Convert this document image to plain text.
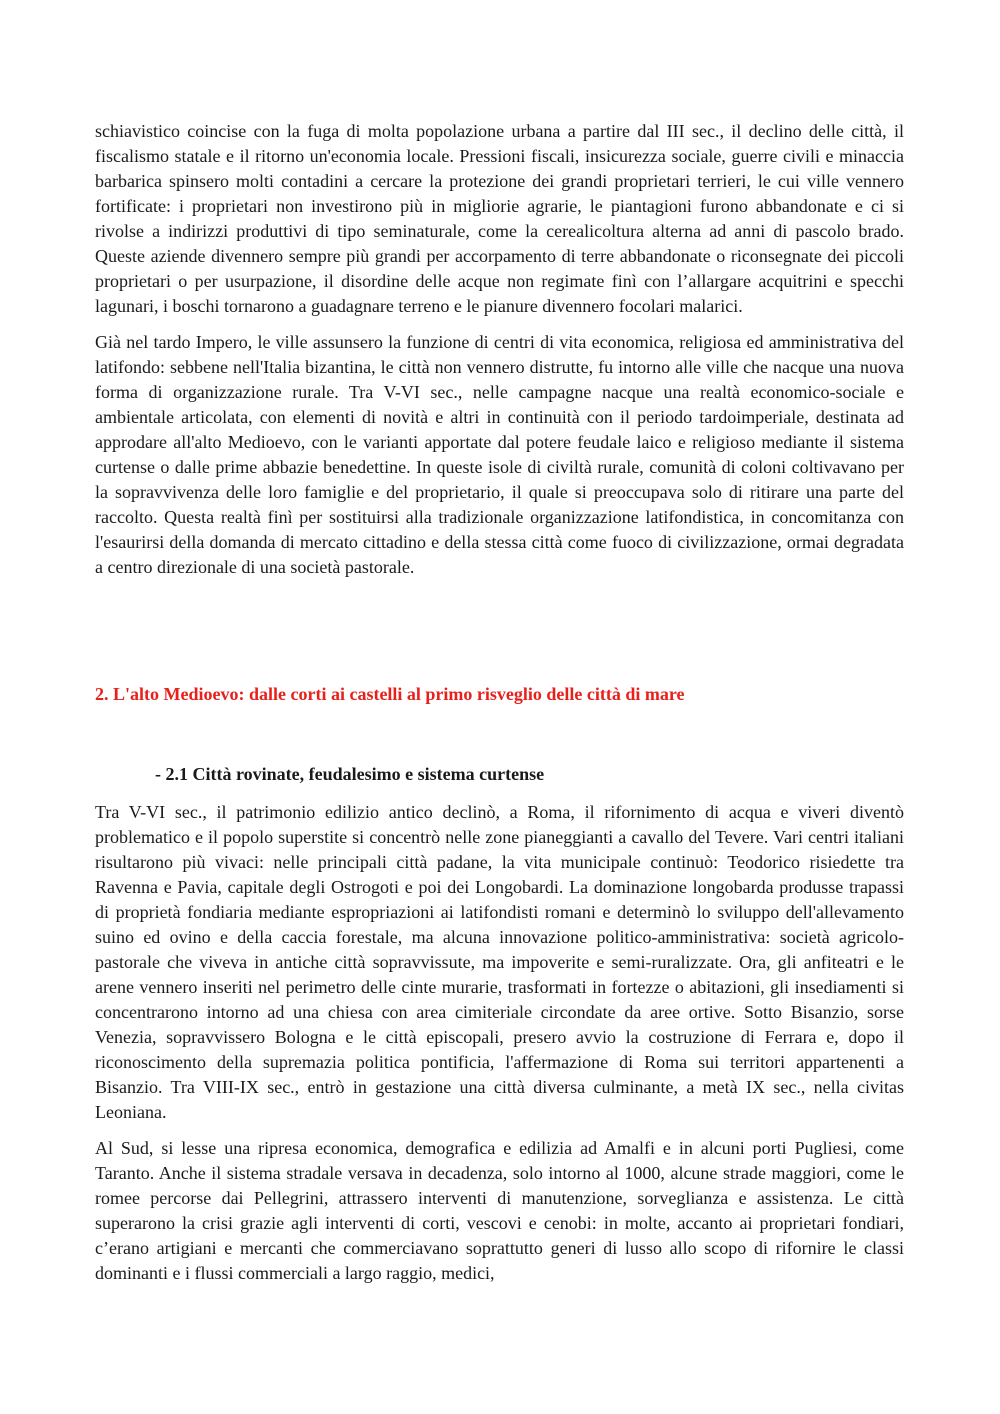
schiavistico coincise con la fuga di molta popolazione urbana a partire dal III sec., il declino delle città, il fiscalismo statale e il ritorno un'economia locale. Pressioni fiscali, insicurezza sociale, guerre civili e minaccia barbarica spinsero molti contadini a cercare la protezione dei grandi proprietari terrieri, le cui ville vennero fortificate: i proprietari non investirono più in migliorie agrarie, le piantagioni furono abbandonate e ci si rivolse a indirizzi produttivi di tipo seminaturale, come la cerealicoltura alterna ad anni di pascolo brado. Queste aziende divennero sempre più grandi per accorpamento di terre abbandonate o riconsegnate dei piccoli proprietari o per usurpazione, il disordine delle acque non regimate finì con l’allargare acquitrini e specchi lagunari, i boschi tornarono a guadagnare terreno e le pianure divennero focolari malarici.

Già nel tardo Impero, le ville assunsero la funzione di centri di vita economica, religiosa ed amministrativa del latifondo: sebbene nell'Italia bizantina, le città non vennero distrutte, fu intorno alle ville che nacque una nuova forma di organizzazione rurale. Tra V-VI sec., nelle campagne nacque una realtà economico-sociale e ambientale articolata, con elementi di novità e altri in continuità con il periodo tardoimperiale, destinata ad approdare all'alto Medioevo, con le varianti apportate dal potere feudale laico e religioso mediante il sistema curtense o dalle prime abbazie benedettine. In queste isole di civiltà rurale, comunità di coloni coltivavano per la sopravvivenza delle loro famiglie e del proprietario, il quale si preoccupava solo di ritirare una parte del raccolto. Questa realtà finì per sostituirsi alla tradizionale organizzazione latifondistica, in concomitanza con l'esaurirsi della domanda di mercato cittadino e della stessa città come fuoco di civilizzazione, ormai degradata a centro direzionale di una società pastorale.

2. L'alto Medioevo: dalle corti ai castelli al primo risveglio delle città di mare
- 2.1 Città rovinate, feudalesimo e sistema curtense

Tra V-VI sec., il patrimonio edilizio antico declinò, a Roma, il rifornimento di acqua e viveri diventò problematico e il popolo superstite si concentrò nelle zone pianeggianti a cavallo del Tevere. Vari centri italiani risultarono più vivaci: nelle principali città padane, la vita municipale continuò: Teodorico risiedette tra Ravenna e Pavia, capitale degli Ostrogoti e poi dei Longobardi. La dominazione longobarda produsse trapassi di proprietà fondiaria mediante espropriazioni ai latifondisti romani e determinò lo sviluppo dell'allevamento suino ed ovino e della caccia forestale, ma alcuna innovazione politico-amministrativa: società agricolo-pastorale che viveva in antiche città sopravvissute, ma impoverite e semi-ruralizzate. Ora, gli anfiteatri e le arene vennero inseriti nel perimetro delle cinte murarie, trasformati in fortezze o abitazioni, gli insediamenti si concentrarono intorno ad una chiesa con area cimiteriale circondate da aree ortive. Sotto Bisanzio, sorse Venezia, sopravvissero Bologna e le città episcopali, presero avvio la costruzione di Ferrara e, dopo il riconoscimento della supremazia politica pontificia, l'affermazione di Roma sui territori appartenenti a Bisanzio. Tra VIII-IX sec., entrò in gestazione una città diversa culminante, a metà IX sec., nella civitas Leoniana.

Al Sud, si lesse una ripresa economica, demografica e edilizia ad Amalfi e in alcuni porti Pugliesi, come Taranto. Anche il sistema stradale versava in decadenza, solo intorno al 1000, alcune strade maggiori, come le romee percorse dai Pellegrini, attrassero interventi di manutenzione, sorveglianza e assistenza. Le città superarono la crisi grazie agli interventi di corti, vescovi e cenobi: in molte, accanto ai proprietari fondiari, c’erano artigiani e mercanti che commerciavano soprattutto generi di lusso allo scopo di rifornire le classi dominanti e i flussi commerciali a largo raggio, medici,
